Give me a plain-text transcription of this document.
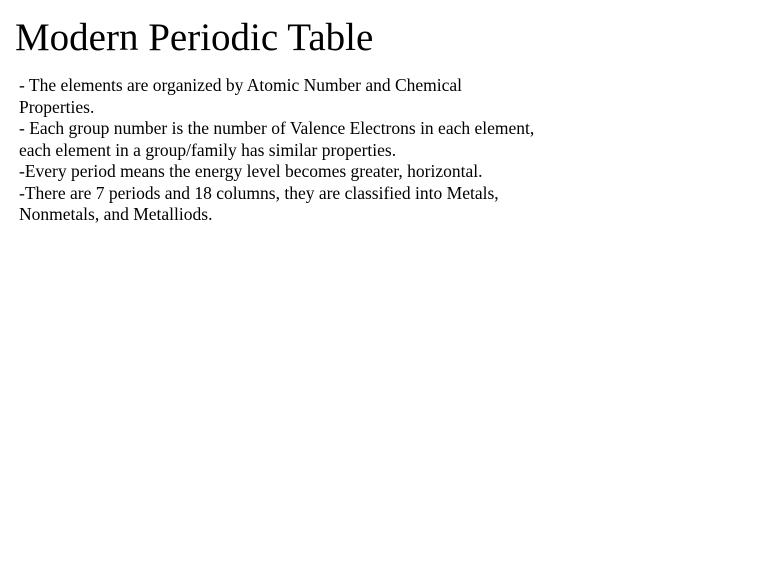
Modern Periodic Table
- The elements are organized by Atomic Number and Chemical
Properties.
- Each group number is the number of Valence Electrons in each element,
each element in a group/family has similar properties.
-Every period means the energy level becomes greater, horizontal.
-There are 7 periods and 18 columns, they are classified into Metals,
Nonmetals, and Metalliods.
